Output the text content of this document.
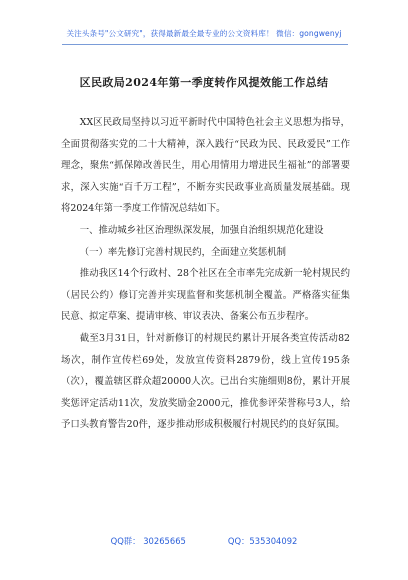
关注头条号"公文研究"，获得最新最全最专业的公文资料库！ 微信：gongwenyj
区民政局2024年第一季度转作风提效能工作总结

XX区民政局坚持以习近平新时代中国特色社会主义思想为指导，全面贯彻落实党的二十大精神，深入践行“民政为民、民政爱民”工作理念，聚焦“抓保障改善民生，用心用情用力增进民生福祉”的部署要求，深入实施“百千万工程”，不断夯实民政事业高质量发展基础。现将2024年第一季度工作情况总结如下。

一、推动城乡社区治理纵深发展，加强自治组织规范化建设

（一）率先修订完善村规民约，全面建立奖惩机制

推动我区14个行政村、28个社区在全市率先完成新一轮村规民约（居民公约）修订完善并实现监督和奖惩机制全覆盖。严格落实征集民意、拟定草案、提请审核、审议表决、备案公布五步程序。

截至3月31日，针对新修订的村规民约累计开展各类宣传活动82场次，制作宣传栏69处，发放宣传资料2879份，线上宣传195条（次），覆盖辖区群众超20000人次。已出台实施细则8份，累计开展奖惩评定活动11次，发放奖励金2000元，推优参评荣誉称号3人，给予口头教育警告20件，逐步推动形成积极履行村规民约的良好氛围。

QQ群： 30265665	QQ：535304092
